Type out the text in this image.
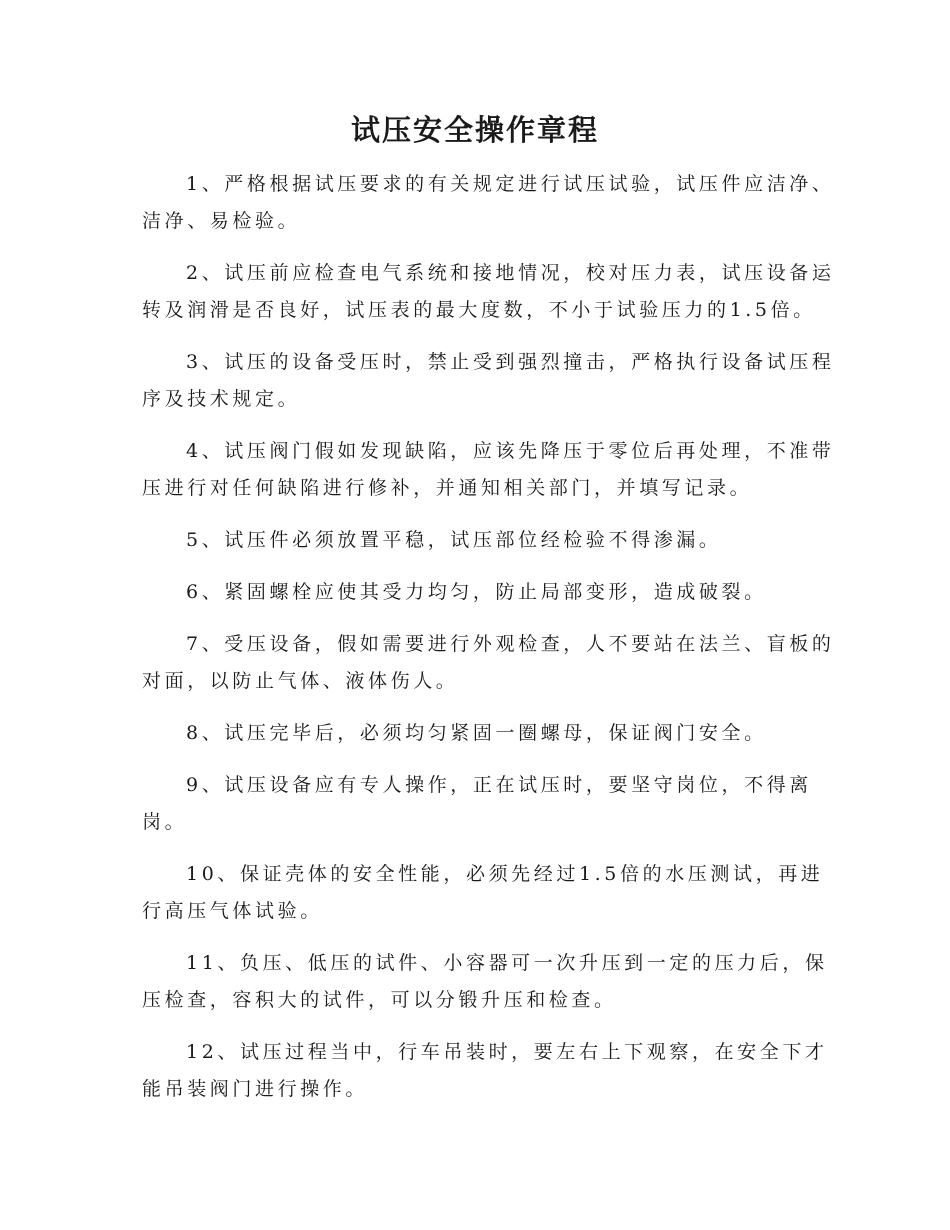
试压安全操作章程
1、严格根据试压要求的有关规定进行试压试验，试压件应洁净、
洁净、易检验。
2、试压前应检查电气系统和接地情况，校对压力表，试压设备运
转及润滑是否良好，试压表的最大度数，不小于试验压力的1.5倍。
3、试压的设备受压时，禁止受到强烈撞击，严格执行设备试压程
序及技术规定。
4、试压阀门假如发现缺陷，应该先降压于零位后再处理，不准带
压进行对任何缺陷进行修补，并通知相关部门，并填写记录。
5、试压件必须放置平稳，试压部位经检验不得渗漏。
6、紧固螺栓应使其受力均匀，防止局部变形，造成破裂。
7、受压设备，假如需要进行外观检查，人不要站在法兰、盲板的
对面，以防止气体、液体伤人。
8、试压完毕后，必须均匀紧固一圈螺母，保证阀门安全。
9、试压设备应有专人操作，正在试压时，要坚守岗位，不得离
岗。
10、保证壳体的安全性能，必须先经过1.5倍的水压测试，再进
行高压气体试验。
11、负压、低压的试件、小容器可一次升压到一定的压力后，保
压检查，容积大的试件，可以分锻升压和检查。
12、试压过程当中，行车吊装时，要左右上下观察，在安全下才
能吊装阀门进行操作。
